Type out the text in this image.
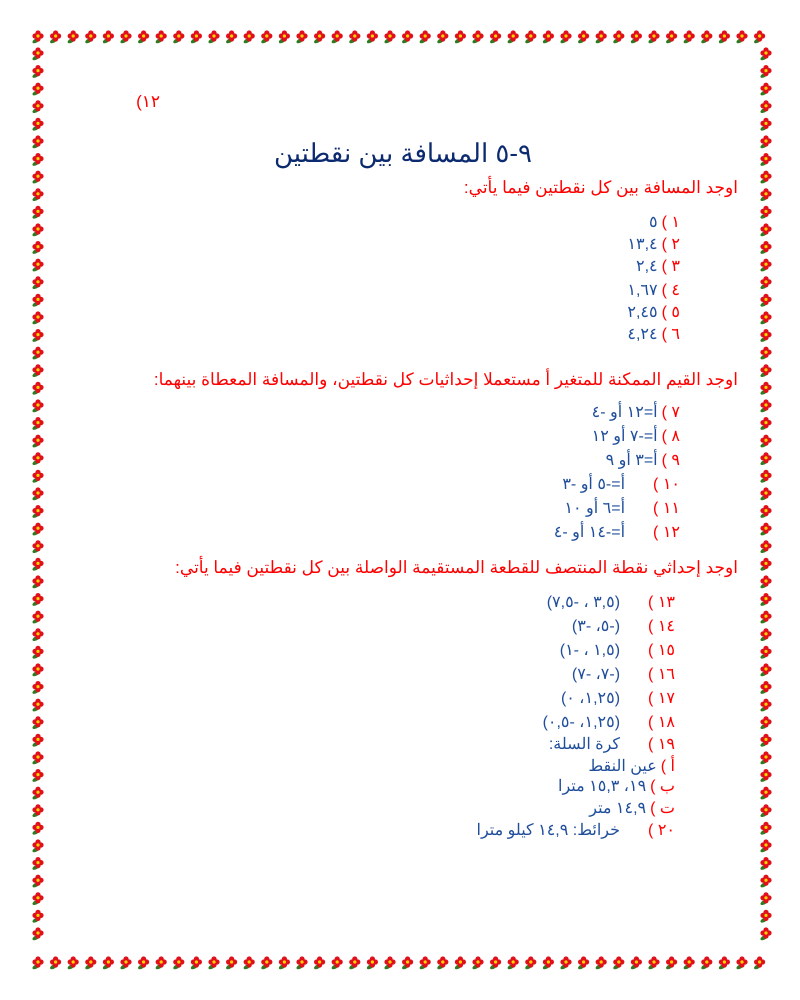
١٢)
٩-٥ المسافة بين نقطتين
اوجد المسافة بين كل نقطتين فيما يأتي:
١ )٥
٢ )١٣,٤
٣ )٢,٤
٤ )١,٦٧
٥ )٢,٤٥
٦ )٤,٢٤
اوجد القيم الممكنة للمتغير أ مستعملا إحداثيات كل نقطتين، والمسافة المعطاة بينهما:
٧ )أ=١٢ أو -٤
٨ )أ=-٧ أو ١٢
٩ )أ=٣ أو ٩
١٠ )أ=-٥ أو -٣
١١ )أ=٦ أو ١٠
١٢ )أ=-١٤ أو -٤
اوجد إحداثي نقطة المنتصف للقطعة المستقيمة الواصلة بين كل نقطتين فيما يأتي:
١٣ )(٣,٥ ، -٧,٥)
١٤ )(-٥، -٣)
١٥ )(١,٥ ، -١)
١٦ )(-٧، -٧)
١٧ )(١,٢٥، ٠)
١٨ )(١,٢٥، -٠,٥)
١٩ )كرة السلة:
أ )عين النقط
ب )١٩، ١٥,٣ مترا
ت )١٤,٩ متر
٢٠ )خرائط: ١٤,٩ كيلو مترا
